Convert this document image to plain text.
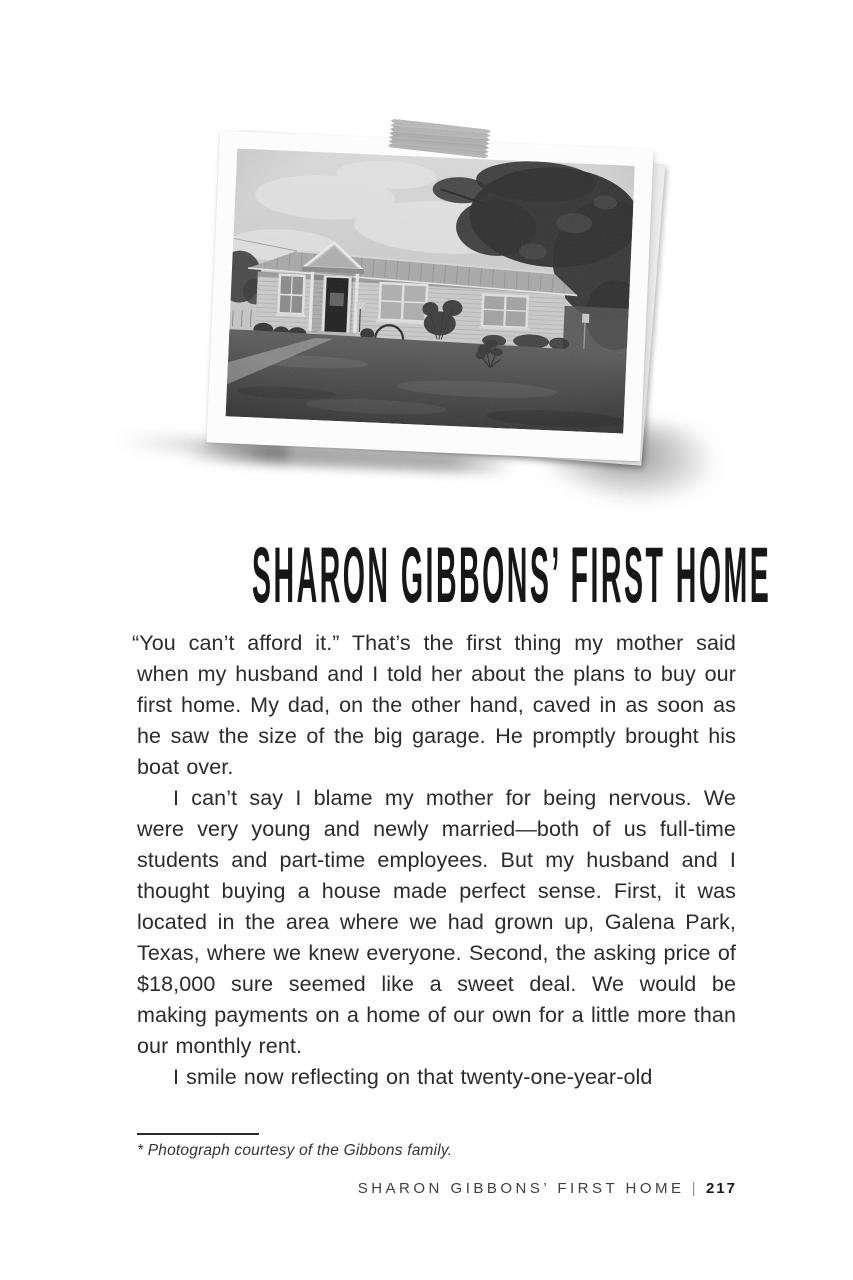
SHARON GIBBONS’ FIRST HOME

“You can’t afford it.” That’s the first thing my mother said when my husband and I told her about the plans to buy our first home. My dad, on the other hand, caved in as soon as he saw the size of the big garage. He promptly brought his boat over.

I can’t say I blame my mother for being nervous. We were very young and newly married—both of us full-time students and part-time employees. But my husband and I thought buying a house made perfect sense. First, it was located in the area where we had grown up, Galena Park, Texas, where we knew everyone. Second, the asking price of $18,000 sure seemed like a sweet deal. We would be making payments on a home of our own for a little more than our monthly rent.

I smile now reflecting on that twenty-one-year-old

* Photograph courtesy of the Gibbons family.

SHARON GIBBONS’ FIRST HOME | 217
